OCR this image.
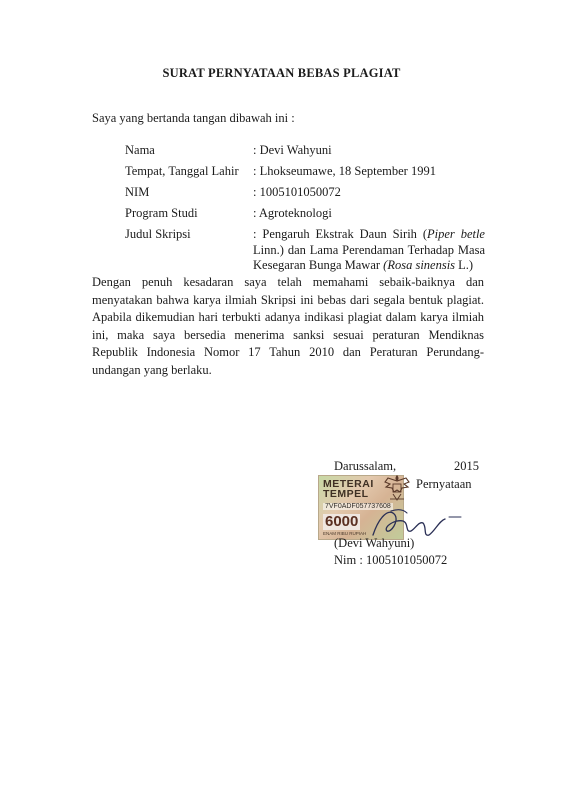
SURAT PERNYATAAN BEBAS PLAGIAT
Saya yang bertanda tangan dibawah ini :
Nama	: Devi Wahyuni
Tempat, Tanggal Lahir : Lhokseumawe, 18 September 1991
NIM	: 1005101050072
Program Studi	: Agroteknologi
Judul Skripsi	: Pengaruh Ekstrak Daun Sirih (Piper betle Linn.) dan Lama Perendaman Terhadap Masa Kesegaran Bunga Mawar (Rosa sinensis L.)
Dengan penuh kesadaran saya telah memahami sebaik-baiknya dan menyatakan bahwa karya ilmiah Skripsi ini bebas dari segala bentuk plagiat. Apabila dikemudian hari terbukti adanya indikasi plagiat dalam karya ilmiah ini, maka saya bersedia menerima sanksi sesuai peraturan Mendiknas Republik Indonesia Nomor 17 Tahun 2010 dan Peraturan Perundang-undangan yang berlaku.
Darussalam,	2015
Pernyataan
METERAI
TEMPEL
7VF0ADF057737608
6000
ENAM RIBU RUPIAH
(Devi Wahyuni)
Nim : 1005101050072
